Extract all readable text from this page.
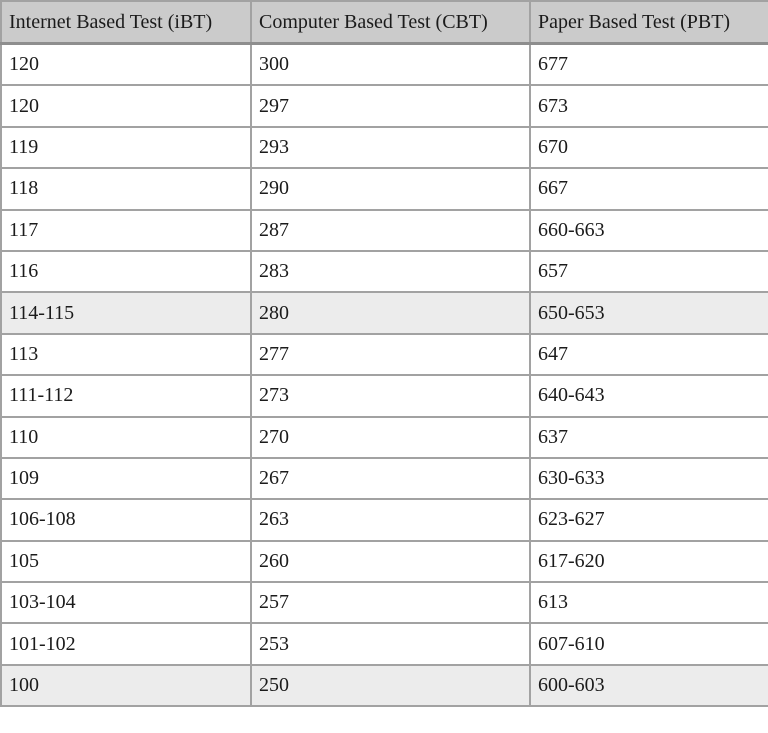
Internet Based Test (iBT)	Computer Based Test (CBT)	Paper Based Test (PBT)
120	300	677
120	297	673
119	293	670
118	290	667
117	287	660-663
116	283	657
114-115	280	650-653
113	277	647
111-112	273	640-643
110	270	637
109	267	630-633
106-108	263	623-627
105	260	617-620
103-104	257	613
101-102	253	607-610
100	250	600-603
